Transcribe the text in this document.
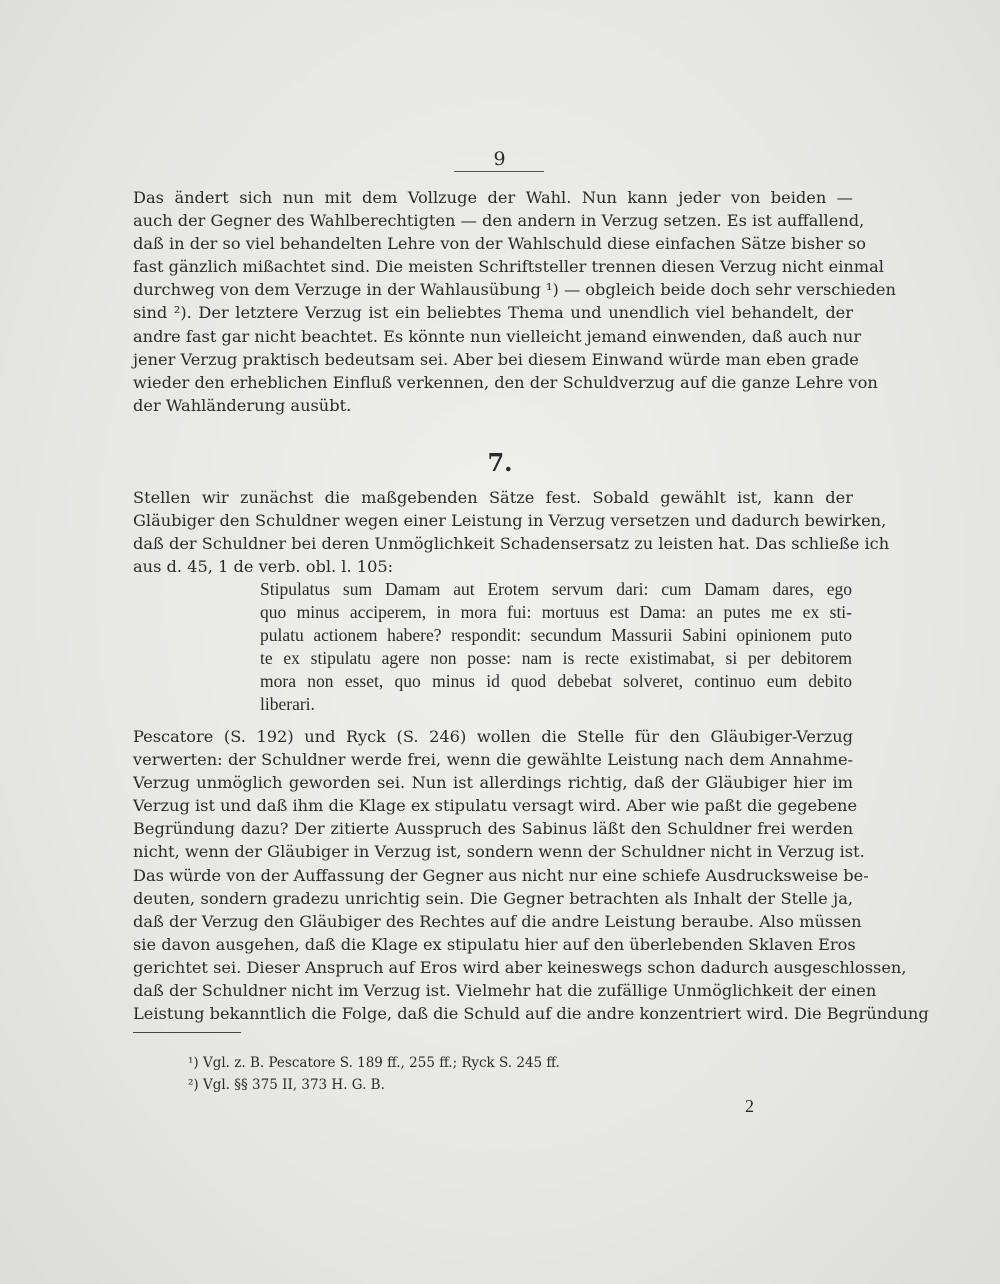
9
Das ändert sich nun mit dem Vollzuge der Wahl. Nun kann jeder von beiden —
auch der Gegner des Wahlberechtigten — den andern in Verzug setzen. Es ist auffallend,
daß in der so viel behandelten Lehre von der Wahlschuld diese einfachen Sätze bisher so
fast gänzlich mißachtet sind. Die meisten Schriftsteller trennen diesen Verzug nicht einmal
durchweg von dem Verzuge in der Wahlausübung ¹) — obgleich beide doch sehr verschieden
sind ²). Der letztere Verzug ist ein beliebtes Thema und unendlich viel behandelt, der
andre fast gar nicht beachtet. Es könnte nun vielleicht jemand einwenden, daß auch nur
jener Verzug praktisch bedeutsam sei. Aber bei diesem Einwand würde man eben grade
wieder den erheblichen Einfluß verkennen, den der Schuldverzug auf die ganze Lehre von
der Wahländerung ausübt.
7.
Stellen wir zunächst die maßgebenden Sätze fest. Sobald gewählt ist, kann der
Gläubiger den Schuldner wegen einer Leistung in Verzug versetzen und dadurch bewirken,
daß der Schuldner bei deren Unmöglichkeit Schadensersatz zu leisten hat. Das schließe ich
aus d. 45, 1 de verb. obl. l. 105:
Stipulatus sum Damam aut Erotem servum dari: cum Damam dares, ego
quo minus acciperem, in mora fui: mortuus est Dama: an putes me ex sti-
pulatu actionem habere? respondit: secundum Massurii Sabini opinionem puto
te ex stipulatu agere non posse: nam is recte existimabat, si per debitorem
mora non esset, quo minus id quod debebat solveret, continuo eum debito
liberari.
Pescatore (S. 192) und Ryck (S. 246) wollen die Stelle für den Gläubiger-Verzug
verwerten: der Schuldner werde frei, wenn die gewählte Leistung nach dem Annahme-
Verzug unmöglich geworden sei. Nun ist allerdings richtig, daß der Gläubiger hier im
Verzug ist und daß ihm die Klage ex stipulatu versagt wird. Aber wie paßt die gegebene
Begründung dazu? Der zitierte Ausspruch des Sabinus läßt den Schuldner frei werden
nicht, wenn der Gläubiger in Verzug ist, sondern wenn der Schuldner nicht in Verzug ist.
Das würde von der Auffassung der Gegner aus nicht nur eine schiefe Ausdrucksweise be-
deuten, sondern gradezu unrichtig sein. Die Gegner betrachten als Inhalt der Stelle ja,
daß der Verzug den Gläubiger des Rechtes auf die andre Leistung beraube. Also müssen
sie davon ausgehen, daß die Klage ex stipulatu hier auf den überlebenden Sklaven Eros
gerichtet sei. Dieser Anspruch auf Eros wird aber keineswegs schon dadurch ausgeschlossen,
daß der Schuldner nicht im Verzug ist. Vielmehr hat die zufällige Unmöglichkeit der einen
Leistung bekanntlich die Folge, daß die Schuld auf die andre konzentriert wird. Die Begründung
¹) Vgl. z. B. Pescatore S. 189 ff., 255 ff.; Ryck S. 245 ff.
²) Vgl. §§ 375 II, 373 H. G. B.
2
